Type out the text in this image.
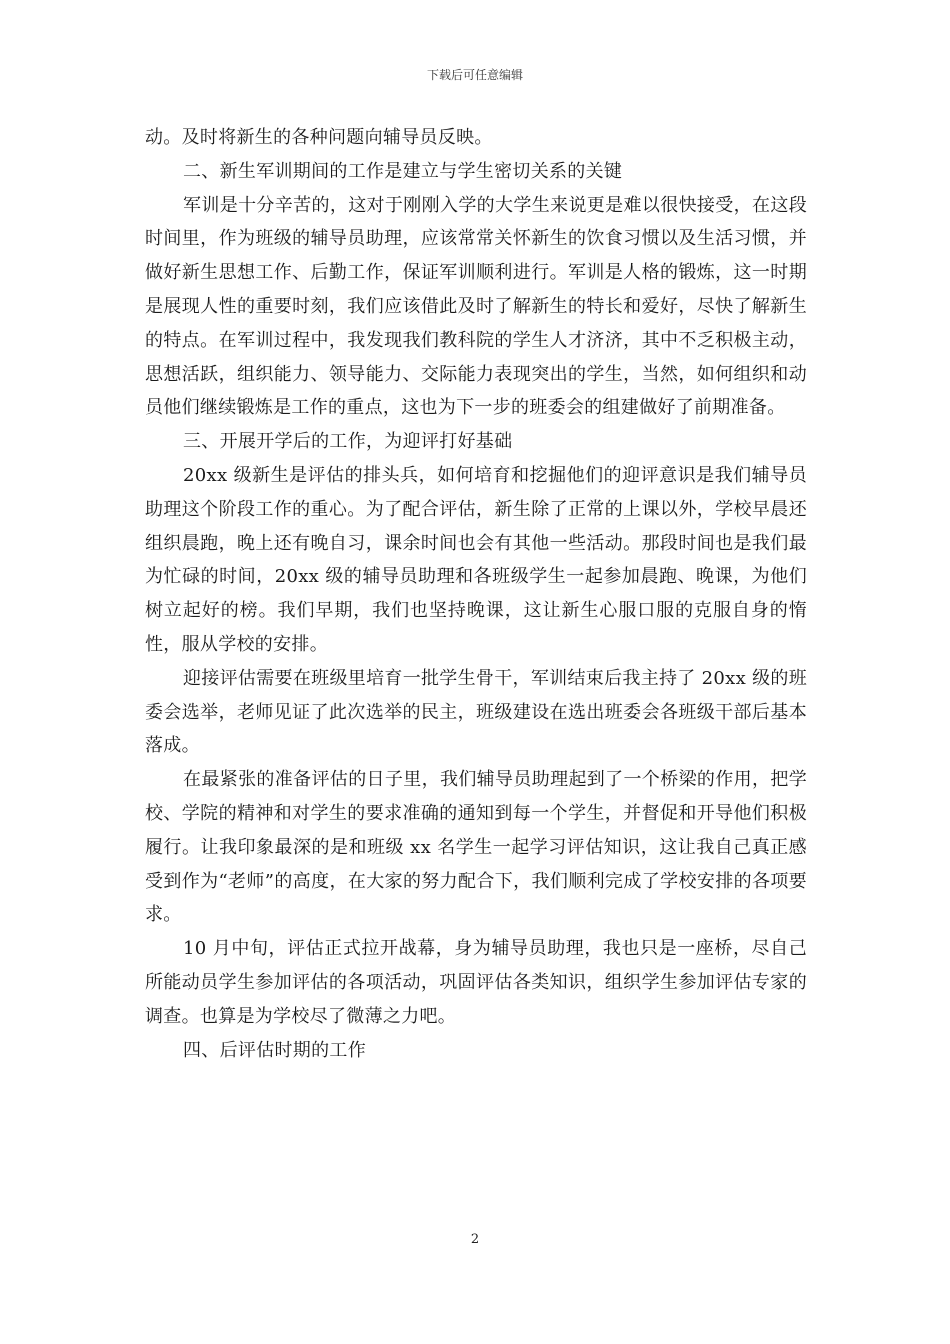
下载后可任意编辑

动。及时将新生的各种问题向辅导员反映。

二、新生军训期间的工作是建立与学生密切关系的关键

军训是十分辛苦的，这对于刚刚入学的大学生来说更是难以很快接受，在这段时间里，作为班级的辅导员助理，应该常常关怀新生的饮食习惯以及生活习惯，并做好新生思想工作、后勤工作，保证军训顺利进行。军训是人格的锻炼，这一时期是展现人性的重要时刻，我们应该借此及时了解新生的特长和爱好，尽快了解新生的特点。在军训过程中，我发现我们教科院的学生人才济济，其中不乏积极主动，思想活跃，组织能力、领导能力、交际能力表现突出的学生，当然，如何组织和动员他们继续锻炼是工作的重点，这也为下一步的班委会的组建做好了前期准备。

三、开展开学后的工作，为迎评打好基础

20xx 级新生是评估的排头兵，如何培育和挖掘他们的迎评意识是我们辅导员助理这个阶段工作的重心。为了配合评估，新生除了正常的上课以外，学校早晨还组织晨跑，晚上还有晚自习，课余时间也会有其他一些活动。那段时间也是我们最为忙碌的时间，20xx 级的辅导员助理和各班级学生一起参加晨跑、晚课，为他们树立起好的榜。我们早期，我们也坚持晚课，这让新生心服口服的克服自身的惰性，服从学校的安排。

迎接评估需要在班级里培育一批学生骨干，军训结束后我主持了 20xx 级的班委会选举，老师见证了此次选举的民主，班级建设在选出班委会各班级干部后基本落成。

在最紧张的准备评估的日子里，我们辅导员助理起到了一个桥梁的作用，把学校、学院的精神和对学生的要求准确的通知到每一个学生，并督促和开导他们积极履行。让我印象最深的是和班级 xx 名学生一起学习评估知识，这让我自己真正感受到作为“老师”的高度，在大家的努力配合下，我们顺利完成了学校安排的各项要求。

10 月中旬，评估正式拉开战幕，身为辅导员助理，我也只是一座桥，尽自己所能动员学生参加评估的各项活动，巩固评估各类知识，组织学生参加评估专家的调查。也算是为学校尽了微薄之力吧。

四、后评估时期的工作

2
